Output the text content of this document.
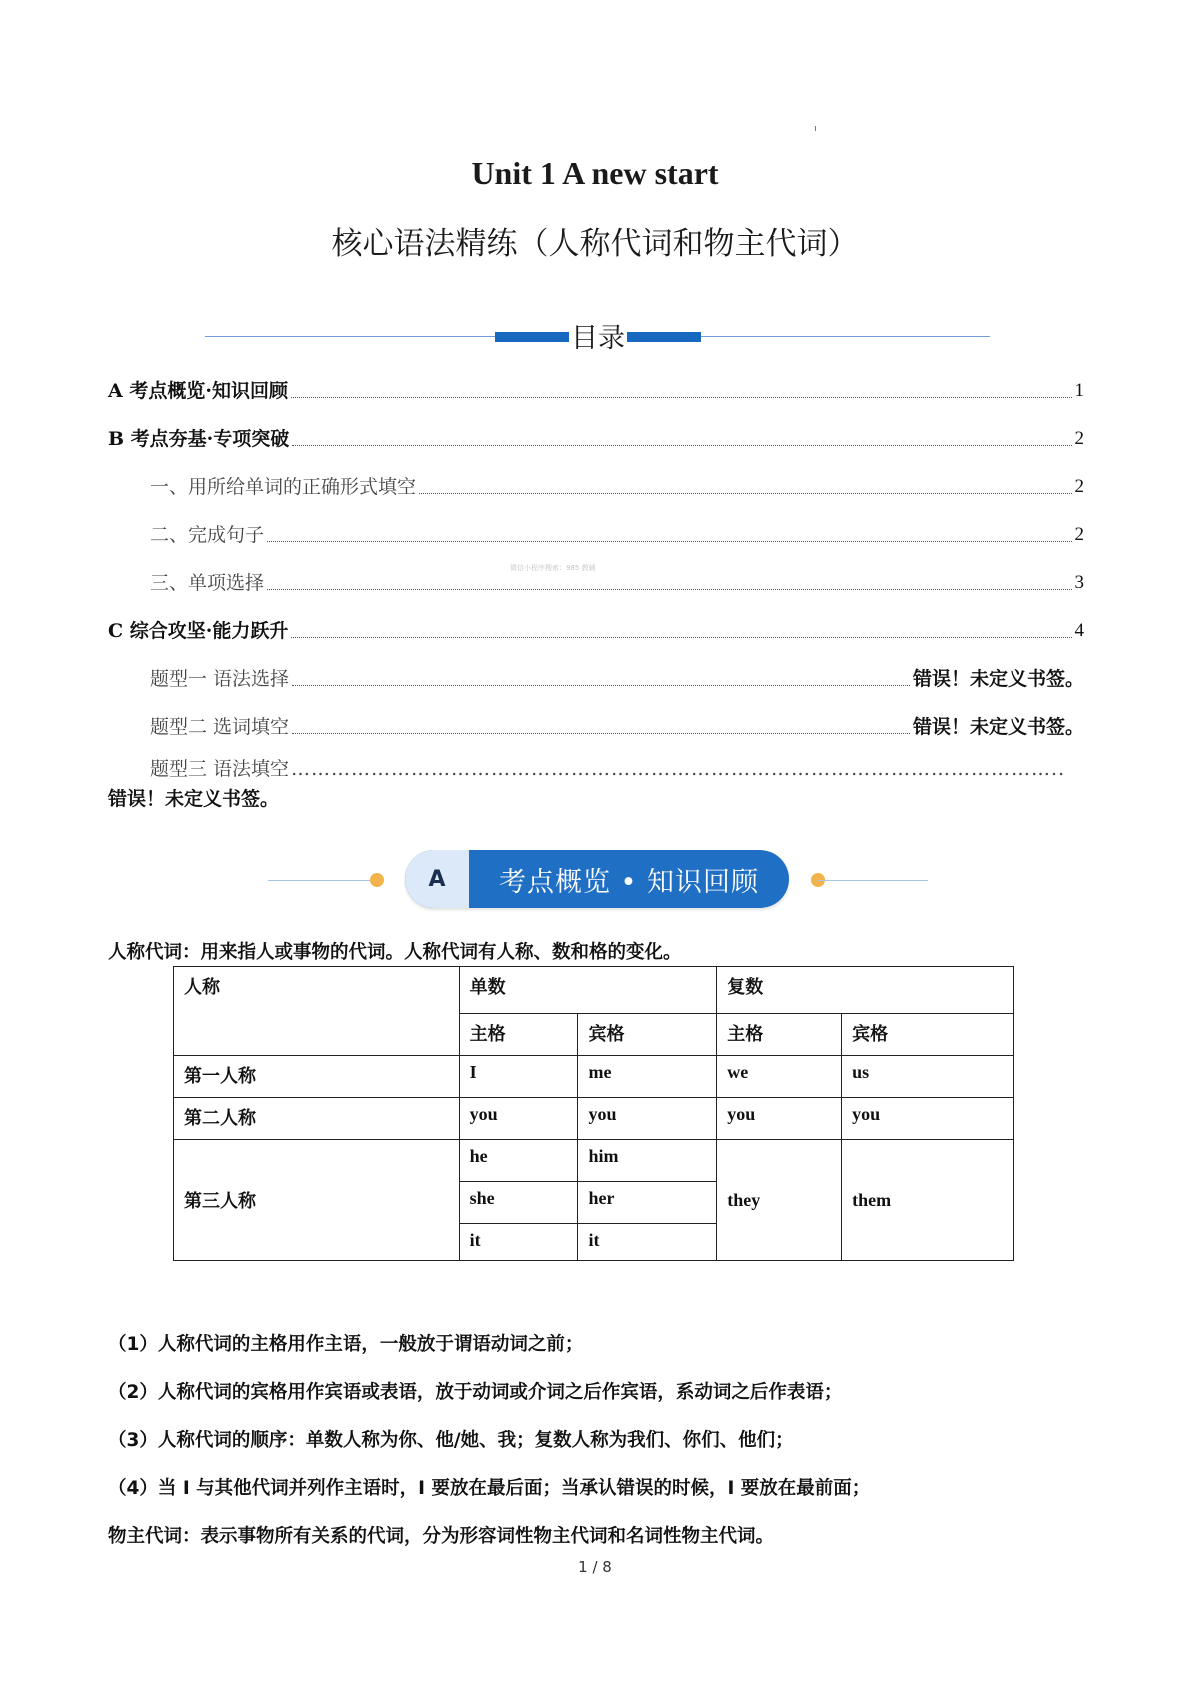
Unit 1 A new start
核心语法精练（人称代词和物主代词）
目录
A 考点概览·知识回顾	1
B 考点夯基·专项突破	2
一、用所给单词的正确形式填空	2
二、完成句子	2
三、单项选择	3
C 综合攻坚·能力跃升	4
题型一 语法选择	错误！未定义书签。
题型二 选词填空	错误！未定义书签。
题型三 语法填空 ……………………………………………………………………………………………………..
错误！未定义书签。
微信小程序搜索：985 教辅
A	考点概览 • 知识回顾
人称代词：用来指人或事物的代词。人称代词有人称、数和格的变化。
人称	单数		复数	
	主格	宾格	主格	宾格
第一人称	I	me	we	us
第二人称	you	you	you	you
第三人称	he	him	they	them
	she	her		
	it	it		
（1）人称代词的主格用作主语，一般放于谓语动词之前；
（2）人称代词的宾格用作宾语或表语，放于动词或介词之后作宾语，系动词之后作表语；
（3）人称代词的顺序：单数人称为你、他/她、我；复数人称为我们、你们、他们；
（4）当 I 与其他代词并列作主语时，I 要放在最后面；当承认错误的时候，I 要放在最前面；
物主代词：表示事物所有关系的代词，分为形容词性物主代词和名词性物主代词。
1 / 8
